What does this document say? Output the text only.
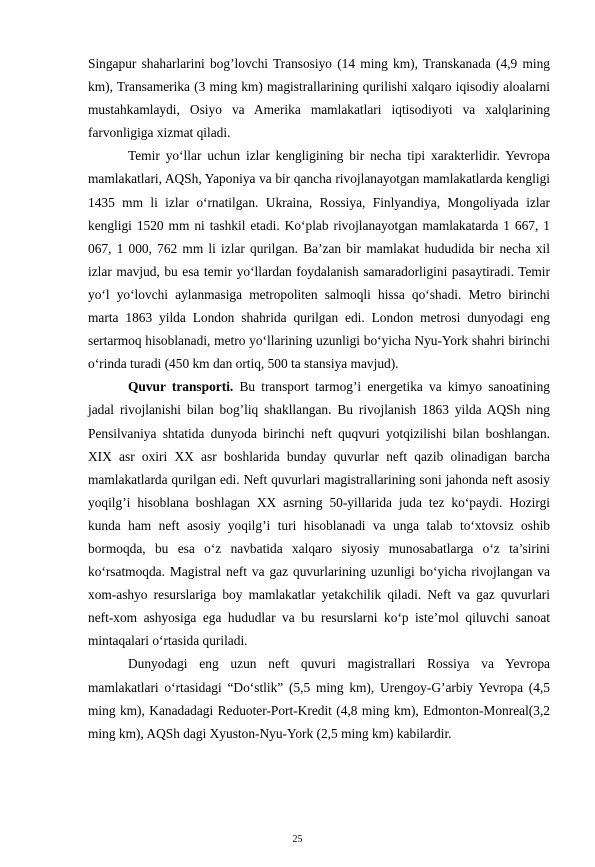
Singapur shaharlarini bog’lovchi Transosiyo (14 ming km), Transkanada (4,9 ming km), Transamerika (3 ming km) magistrallarining qurilishi xalqaro iqisodiy aloalarni mustahkamlaydi, Osiyo va Amerika mamlakatlari iqtisodiyoti va xalqlarining farvonligiga xizmat qiladi.

Temir yo‘llar uchun izlar kengligining bir necha tipi xarakterlidir. Yevropa mamlakatlari, AQSh, Yaponiya va bir qancha rivojlanayotgan mamlakatlarda kengligi 1435 mm li izlar o‘rnatilgan. Ukraina, Rossiya, Finlyandiya, Mongoliyada izlar kengligi 1520 mm ni tashkil etadi. Ko‘plab rivojlanayotgan mamlakatarda 1 667, 1 067, 1 000, 762 mm li izlar qurilgan. Ba’zan bir mamlakat hududida bir necha xil izlar mavjud, bu esa temir yo‘llardan foydalanish samaradorligini pasaytiradi. Temir yo‘l yo‘lovchi aylanmasiga metropoliten salmoqli hissa qo‘shadi. Metro birinchi marta 1863 yilda London shahrida qurilgan edi. London metrosi dunyodagi eng sertarmoq hisoblanadi, metro yo‘llarining uzunligi bo‘yicha Nyu-York shahri birinchi o‘rinda turadi (450 km dan ortiq, 500 ta stansiya mavjud).

Quvur transporti. Bu transport tarmog’i energetika va kimyo sanoatining jadal rivojlanishi bilan bog’liq shakllangan. Bu rivojlanish 1863 yilda AQSh ning Pensilvaniya shtatida dunyoda birinchi neft quqvuri yotqizilishi bilan boshlangan. XIX asr oxiri XX asr boshlarida bunday quvurlar neft qazib olinadigan barcha mamlakatlarda qurilgan edi. Neft quvurlari magistrallarining soni jahonda neft asosiy yoqilg’i hisoblana boshlagan XX asrning 50-yillarida juda tez ko‘paydi. Hozirgi kunda ham neft asosiy yoqilg’i turi hisoblanadi va unga talab to‘xtovsiz oshib bormoqda, bu esa o‘z navbatida xalqaro siyosiy munosabatlarga o‘z ta’sirini ko‘rsatmoqda. Magistral neft va gaz quvurlarining uzunligi bo‘yicha rivojlangan va xom-ashyo resurslariga boy mamlakatlar yetakchilik qiladi. Neft va gaz quvurlari neft-xom ashyosiga ega hududlar va bu resurslarni ko‘p iste’mol qiluvchi sanoat mintaqalari o‘rtasida quriladi.

Dunyodagi eng uzun neft quvuri magistrallari Rossiya va Yevropa mamlakatlari o‘rtasidagi “Do‘stlik” (5,5 ming km), Urengoy-G’arbiy Yevropa (4,5 ming km), Kanadadagi Reduoter-Port-Kredit (4,8 ming km), Edmonton-Monreal(3,2 ming km), AQSh dagi Xyuston-Nyu-York (2,5 ming km) kabilardir.

25
